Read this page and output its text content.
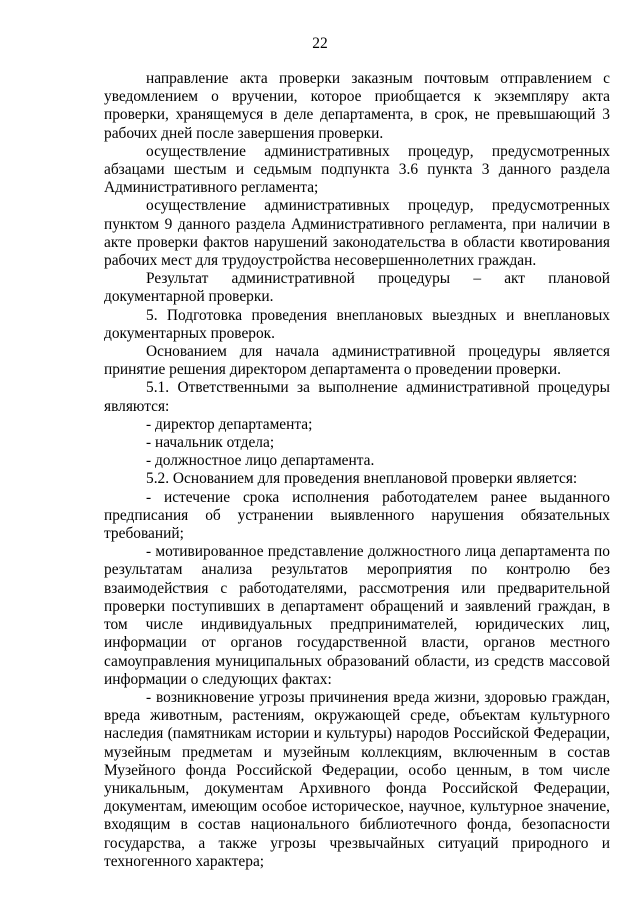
22

направление акта проверки заказным почтовым отправлением с уведомлением о вручении, которое приобщается к экземпляру акта проверки, хранящемуся в деле департамента, в срок, не превышающий 3 рабочих дней после завершения проверки.

осуществление административных процедур, предусмотренных абзацами шестым и седьмым подпункта 3.6 пункта 3 данного раздела Административного регламента;

осуществление административных процедур, предусмотренных пунктом 9 данного раздела Административного регламента, при наличии в акте проверки фактов нарушений законодательства в области квотирования рабочих мест для трудоустройства несовершеннолетних граждан.

Результат административной процедуры – акт плановой документарной проверки.

5. Подготовка проведения внеплановых выездных и внеплановых документарных проверок.

Основанием для начала административной процедуры является принятие решения директором департамента о проведении проверки.

5.1. Ответственными за выполнение административной процедуры являются:

- директор департамента;

- начальник отдела;

- должностное лицо департамента.

5.2. Основанием для проведения внеплановой проверки является:

- истечение срока исполнения работодателем ранее выданного предписания об устранении выявленного нарушения обязательных требований;

- мотивированное представление должностного лица департамента по результатам анализа результатов мероприятия по контролю без взаимодействия с работодателями, рассмотрения или предварительной проверки поступивших в департамент обращений и заявлений граждан, в том числе индивидуальных предпринимателей, юридических лиц, информации от органов государственной власти, органов местного самоуправления муниципальных образований области, из средств массовой информации о следующих фактах:

- возникновение угрозы причинения вреда жизни, здоровью граждан, вреда животным, растениям, окружающей среде, объектам культурного наследия (памятникам истории и культуры) народов Российской Федерации, музейным предметам и музейным коллекциям, включенным в состав Музейного фонда Российской Федерации, особо ценным, в том числе уникальным, документам Архивного фонда Российской Федерации, документам, имеющим особое историческое, научное, культурное значение, входящим в состав национального библиотечного фонда, безопасности государства, а также угрозы чрезвычайных ситуаций природного и техногенного характера;
